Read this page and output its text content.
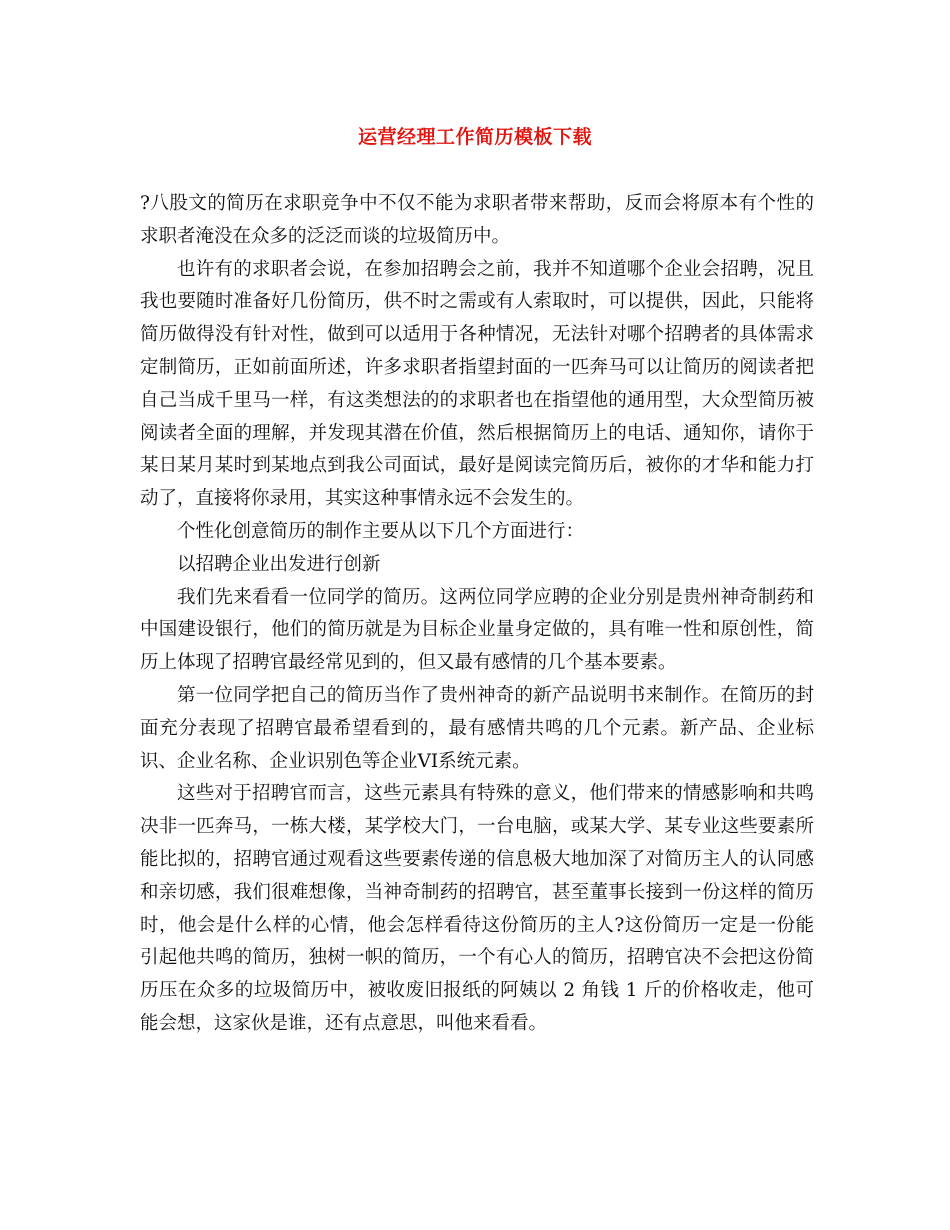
运营经理工作简历模板下载

?八股文的简历在求职竞争中不仅不能为求职者带来帮助，反而会将原本有个性的求职者淹没在众多的泛泛而谈的垃圾简历中。

也许有的求职者会说，在参加招聘会之前，我并不知道哪个企业会招聘，况且我也要随时准备好几份简历，供不时之需或有人索取时，可以提供，因此，只能将简历做得没有针对性，做到可以适用于各种情况，无法针对哪个招聘者的具体需求定制简历，正如前面所述，许多求职者指望封面的一匹奔马可以让简历的阅读者把自己当成千里马一样，有这类想法的的求职者也在指望他的通用型，大众型简历被阅读者全面的理解，并发现其潜在价值，然后根据简历上的电话、通知你，请你于某日某月某时到某地点到我公司面试，最好是阅读完简历后，被你的才华和能力打动了，直接将你录用，其实这种事情永远不会发生的。

个性化创意简历的制作主要从以下几个方面进行：

以招聘企业出发进行创新

我们先来看看一位同学的简历。这两位同学应聘的企业分别是贵州神奇制药和中国建设银行，他们的简历就是为目标企业量身定做的，具有唯一性和原创性，简历上体现了招聘官最经常见到的，但又最有感情的几个基本要素。

第一位同学把自己的简历当作了贵州神奇的新产品说明书来制作。在简历的封面充分表现了招聘官最希望看到的，最有感情共鸣的几个元素。新产品、企业标识、企业名称、企业识别色等企业VI系统元素。

这些对于招聘官而言，这些元素具有特殊的意义，他们带来的情感影响和共鸣决非一匹奔马，一栋大楼，某学校大门，一台电脑，或某大学、某专业这些要素所能比拟的，招聘官通过观看这些要素传递的信息极大地加深了对简历主人的认同感和亲切感，我们很难想像，当神奇制药的招聘官，甚至董事长接到一份这样的简历时，他会是什么样的心情，他会怎样看待这份简历的主人?这份简历一定是一份能引起他共鸣的简历，独树一帜的简历，一个有心人的简历，招聘官决不会把这份简历压在众多的垃圾简历中，被收废旧报纸的阿姨以 2 角钱 1 斤的价格收走，他可能会想，这家伙是谁，还有点意思，叫他来看看。
